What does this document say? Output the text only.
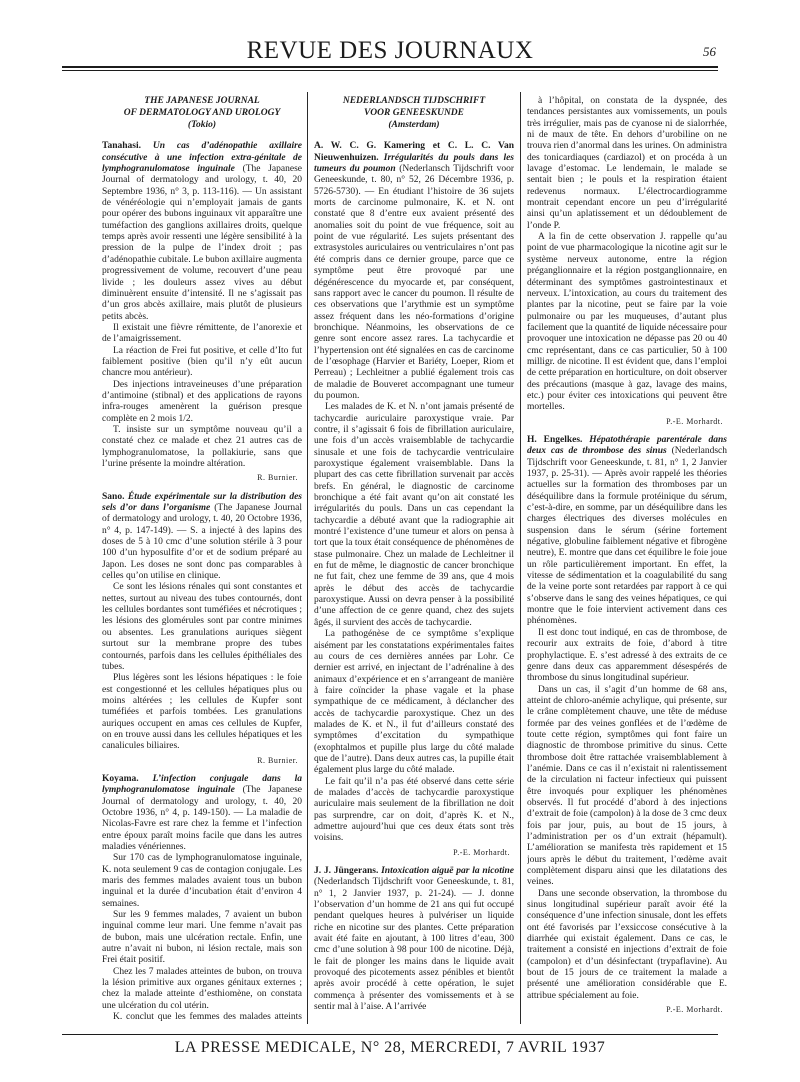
REVUE DES JOURNAUX	56
THE JAPANESE JOURNAL
OF DERMATOLOGY AND UROLOGY
(Tokio)

Tanahasi. Un cas d’adénopathie axillaire consécutive à une infection extra-génitale de lymphogranulomatose inguinale (The Japanese Journal of dermatology and urology, t. 40, 20 Septembre 1936, n° 3, p. 113-116). — Un assistant de vénéréologie qui n’employait jamais de gants pour opérer des bubons inguinaux vit apparaître une tuméfaction des ganglions axillaires droits, quelque temps après avoir ressenti une légère sensibilité à la pression de la pulpe de l’index droit ; pas d’adénopathie cubitale. Le bubon axillaire augmenta progressivement de volume, recouvert d’une peau livide ; les douleurs assez vives au début diminuèrent ensuite d’intensité. Il ne s’agissait pas d’un gros abcès axillaire, mais plutôt de plusieurs petits abcès.

Il existait une fièvre rémittente, de l’anorexie et de l’amaigrissement.

La réaction de Frei fut positive, et celle d’Ito fut faiblement positive (bien qu’il n’y eût aucun chancre mou antérieur).

Des injections intraveineuses d’une préparation d’antimoine (stibnal) et des applications de rayons infra-rouges amenèrent la guérison presque complète en 2 mois 1/2.

T. insiste sur un symptôme nouveau qu’il a constaté chez ce malade et chez 21 autres cas de lymphogranulomatose, la pollakiurie, sans que l’urine présente la moindre altération.

R. Burnier.

Sano. Étude expérimentale sur la distribution des sels d’or dans l’organisme (The Japanese Journal of dermatology and urology, t. 40, 20 Octobre 1936, n° 4, p. 147-149). — S. a injecté à des lapins des doses de 5 à 10 cmc d’une solution stérile à 3 pour 100 d’un hyposulfite d’or et de sodium préparé au Japon. Les doses ne sont donc pas comparables à celles qu’on utilise en clinique.

Ce sont les lésions rénales qui sont constantes et nettes, surtout au niveau des tubes contournés, dont les cellules bordantes sont tuméfiées et nécrotiques ; les lésions des glomérules sont par contre minimes ou absentes. Les granulations auriques siègent surtout sur la membrane propre des tubes contournés, parfois dans les cellules épithéliales des tubes.

Plus légères sont les lésions hépatiques : le foie est congestionné et les cellules hépatiques plus ou moins altérées ; les cellules de Kupfer sont tuméfiées et parfois tombées. Les granulations auriques occupent en amas ces cellules de Kupfer, on en trouve aussi dans les cellules hépatiques et les canalicules biliaires.

R. Burnier.

Koyama. L’infection conjugale dans la lymphogranulomatose inguinale (The Japanese Journal of dermatology and urology, t. 40, 20 Octobre 1936, n° 4, p. 149-150). — La maladie de Nicolas-Favre est rare chez la femme et l’infection entre époux paraît moins facile que dans les autres maladies vénériennes.

Sur 170 cas de lymphogranulomatose inguinale, K. nota seulement 9 cas de contagion conjugale. Les maris des femmes malades avaient tous un bubon inguinal et la durée d’incubation était d’environ 4 semaines.

Sur les 9 femmes malades, 7 avaient un bubon inguinal comme leur mari. Une femme n’avait pas de bubon, mais une ulcération rectale. Enfin, une autre n’avait ni bubon, ni lésion rectale, mais son Frei était positif.

Chez les 7 malades atteintes de bubon, on trouva la lésion primitive aux organes génitaux externes ; chez la malade atteinte d’esthiomène, on constata une ulcération du col utérin.

K. conclut que les femmes des malades atteints

NEDERLANDSCH TIJDSCHRIFT
VOOR GENEESKUNDE
(Amsterdam)

A. W. C. G. Kamering et C. L. C. Van Nieuwenhuizen. Irrégularités du pouls dans les tumeurs du poumon (Nederlansch Tijdschrift voor Geneeskunde, t. 80, n° 52, 26 Décembre 1936, p. 5726-5730). — En étudiant l’histoire de 36 sujets morts de carcinome pulmonaire, K. et N. ont constaté que 8 d’entre eux avaient présenté des anomalies soit du point de vue fréquence, soit au point de vue régularité. Les sujets présentant des extrasystoles auriculaires ou ventriculaires n’ont pas été compris dans ce dernier groupe, parce que ce symptôme peut être provoqué par une dégénérescence du myocarde et, par conséquent, sans rapport avec le cancer du poumon. Il résulte de ces observations que l’arythmie est un symptôme assez fréquent dans les néo-formations d’origine bronchique. Néanmoins, les observations de ce genre sont encore assez rares. La tachycardie et l’hypertension ont été signalées en cas de carcinome de l’œsophage (Harvier et Bariéty, Loeper, Riom et Perreau) ; Lechleitner a publié également trois cas de maladie de Bouveret accompagnant une tumeur du poumon.

Les malades de K. et N. n’ont jamais présenté de tachycardie auriculaire paroxystique vraie. Par contre, il s’agissait 6 fois de fibrillation auriculaire, une fois d’un accès vraisemblable de tachycardie sinusale et une fois de tachycardie ventriculaire paroxystique également vraisemblable. Dans la plupart des cas cette fibrillation survenait par accès brefs. En général, le diagnostic de carcinome bronchique a été fait avant qu’on ait constaté les irrégularités du pouls. Dans un cas cependant la tachycardie a débuté avant que la radiographie ait montré l’existence d’une tumeur et alors on pensa à tort que la toux était conséquence de phénomènes de stase pulmonaire. Chez un malade de Lechleitner il en fut de même, le diagnostic de cancer bronchique ne fut fait, chez une femme de 39 ans, que 4 mois après le début des accès de tachycardie paroxystique. Aussi on devra penser à la possibilité d’une affection de ce genre quand, chez des sujets âgés, il survient des accès de tachycardie.

La pathogénèse de ce symptôme s’explique aisément par les constatations expérimentales faites au cours de ces dernières années par Lohr. Ce dernier est arrivé, en injectant de l’adrénaline à des animaux d’expérience et en s’arrangeant de manière à faire coïncider la phase vagale et la phase sympathique de ce médicament, à déclancher des accès de tachycardie paroxystique. Chez un des malades de K. et N., il fut d’ailleurs constaté des symptômes d’excitation du sympathique (exophtalmos et pupille plus large du côté malade que de l’autre). Dans deux autres cas, la pupille était également plus large du côté malade.

Le fait qu’il n’a pas été observé dans cette série de malades d’accès de tachycardie paroxystique auriculaire mais seulement de la fibrillation ne doit pas surprendre, car on doit, d’après K. et N., admettre aujourd’hui que ces deux états sont très voisins.

P.-E. Morhardt.

J. J. Jüngerans. Intoxication aiguë par la nicotine (Nederlandsch Tijdschrift voor Geneeskunde, t. 81, n° 1, 2 Janvier 1937, p. 21-24). — J. donne l’observation d’un homme de 21 ans qui fut occupé pendant quelques heures à pulvériser un liquide riche en nicotine sur des plantes. Cette préparation avait été faite en ajoutant, à 100 litres d’eau, 300 cmc d’une solution à 98 pour 100 de nicotine. Déjà, le fait de plonger les mains dans le liquide avait provoqué des picotements assez pénibles et bientôt après avoir procédé à cette opération, le sujet commença à présenter des vomissements et à se sentir mal à l’aise. A l’arrivée

à l’hôpital, on constata de la dyspnée, des tendances persistantes aux vomissements, un pouls très irrégulier, mais pas de cyanose ni de sialorrhée, ni de maux de tête. En dehors d’urobiline on ne trouva rien d’anormal dans les urines. On administra des tonicardiaques (cardiazol) et on procéda à un lavage d’estomac. Le lendemain, le malade se sentait bien ; le pouls et la respiration étaient redevenus normaux. L’électrocardiogramme montrait cependant encore un peu d’irrégularité ainsi qu’un aplatissement et un dédoublement de l’onde P.

A la fin de cette observation J. rappelle qu’au point de vue pharmacologique la nicotine agit sur le système nerveux autonome, entre la région préganglionnaire et la région postganglionnaire, en déterminant des symptômes gastrointestinaux et nerveux. L’intoxication, au cours du traitement des plantes par la nicotine, peut se faire par la voie pulmonaire ou par les muqueuses, d’autant plus facilement que la quantité de liquide nécessaire pour provoquer une intoxication ne dépasse pas 20 ou 40 cmc représentant, dans ce cas particulier, 50 à 100 milligr. de nicotine. Il est évident que, dans l’emploi de cette préparation en horticulture, on doit observer des précautions (masque à gaz, lavage des mains, etc.) pour éviter ces intoxications qui peuvent être mortelles.

P.-E. Morhardt.

H. Engelkes. Hépatothérapie parentérale dans deux cas de thrombose des sinus (Nederlandsch Tijdschrift voor Geneeskunde, t. 81, n° 1, 2 Janvier 1937, p. 25-31). — Après avoir rappelé les théories actuelles sur la formation des thromboses par un déséquilibre dans la formule protéinique du sérum, c’est-à-dire, en somme, par un déséquilibre dans les charges électriques des diverses molécules en suspension dans le sérum (sérine fortement négative, globuline faiblement négative et fibrogène neutre), E. montre que dans cet équilibre le foie joue un rôle particulièrement important. En effet, la vitesse de sédimentation et la coagulabilité du sang de la veine porte sont retardées par rapport à ce qui s’observe dans le sang des veines hépatiques, ce qui montre que le foie intervient activement dans ces phénomènes.

Il est donc tout indiqué, en cas de thrombose, de recourir aux extraits de foie, d’abord à titre prophylactique. E. s’est adressé à des extraits de ce genre dans deux cas apparemment désespérés de thrombose du sinus longitudinal supérieur.

Dans un cas, il s’agit d’un homme de 68 ans, atteint de chloro-anémie achylique, qui présente, sur le crâne complètement chauve, une tête de méduse formée par des veines gonflées et de l’œdème de toute cette région, symptômes qui font faire un diagnostic de thrombose primitive du sinus. Cette thrombose doit être rattachée vraisemblablement à l’anémie. Dans ce cas il n’existait ni ralentissement de la circulation ni facteur infectieux qui puissent être invoqués pour expliquer les phénomènes observés. Il fut procédé d’abord à des injections d’extrait de foie (campolon) à la dose de 3 cmc deux fois par jour, puis, au bout de 15 jours, à l’administration per os d’un extrait (hépamult). L’amélioration se manifesta très rapidement et 15 jours après le début du traitement, l’œdème avait complètement disparu ainsi que les dilatations des veines.

Dans une seconde observation, la thrombose du sinus longitudinal supérieur paraît avoir été la conséquence d’une infection sinusale, dont les effets ont été favorisés par l’exsiccose consécutive à la diarrhée qui existait également. Dans ce cas, le traitement a consisté en injections d’extrait de foie (campolon) et d’un désinfectant (trypaflavine). Au bout de 15 jours de ce traitement la malade a présenté une amélioration considérable que E. attribue spécialement au foie.

P.-E. Morhardt.
LA PRESSE MEDICALE, N° 28, MERCREDI, 7 AVRIL 1937
